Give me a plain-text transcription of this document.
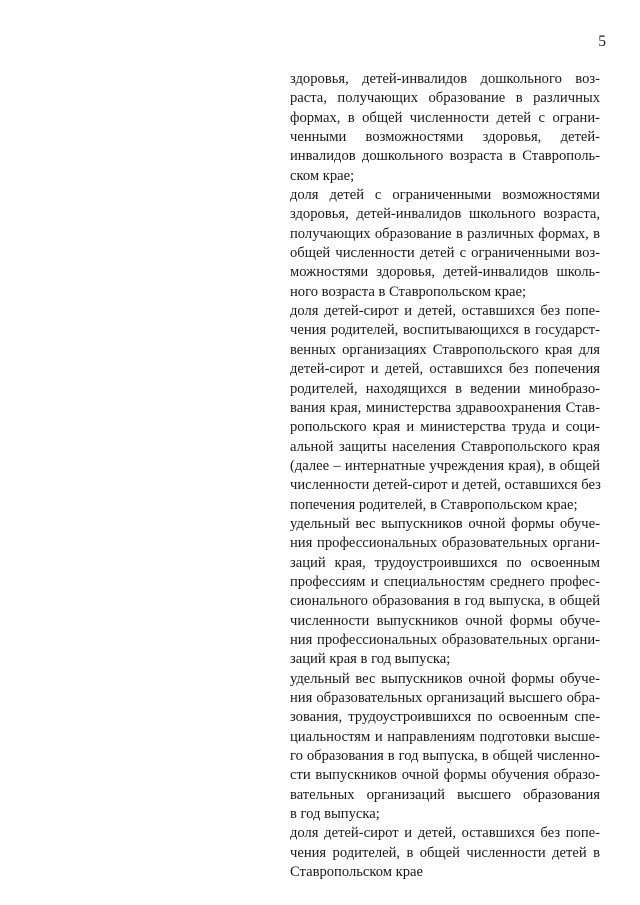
5
здоровья, детей-инвалидов дошкольного воз-
раста, получающих образование в различных
формах, в общей численности детей с ограни-
ченными возможностями здоровья, детей-
инвалидов дошкольного возраста в Ставрополь-
ском крае;
доля детей с ограниченными возможностями
здоровья, детей-инвалидов школьного возраста,
получающих образование в различных формах, в
общей численности детей с ограниченными воз-
можностями здоровья, детей-инвалидов школь-
ного возраста в Ставропольском крае;
доля детей-сирот и детей, оставшихся без попе-
чения родителей, воспитывающихся в государст-
венных организациях Ставропольского края для
детей-сирот и детей, оставшихся без попечения
родителей, находящихся в ведении минобразо-
вания края, министерства здравоохранения Став-
ропольского края и министерства труда и соци-
альной защиты населения Ставропольского края
(далее – интернатные учреждения края), в общей
численности детей-сирот и детей, оставшихся без
попечения родителей, в Ставропольском крае;
удельный вес выпускников очной формы обуче-
ния профессиональных образовательных органи-
заций края, трудоустроившихся по освоенным
профессиям и специальностям среднего профес-
сионального образования в год выпуска, в общей
численности выпускников очной формы обуче-
ния профессиональных образовательных органи-
заций края в год выпуска;
удельный вес выпускников очной формы обуче-
ния образовательных организаций высшего обра-
зования, трудоустроившихся по освоенным спе-
циальностям и направлениям подготовки высше-
го образования в год выпуска, в общей численно-
сти выпускников очной формы обучения образо-
вательных организаций высшего образования
в год выпуска;
доля детей-сирот и детей, оставшихся без попе-
чения родителей, в общей численности детей в
Ставропольском крае
